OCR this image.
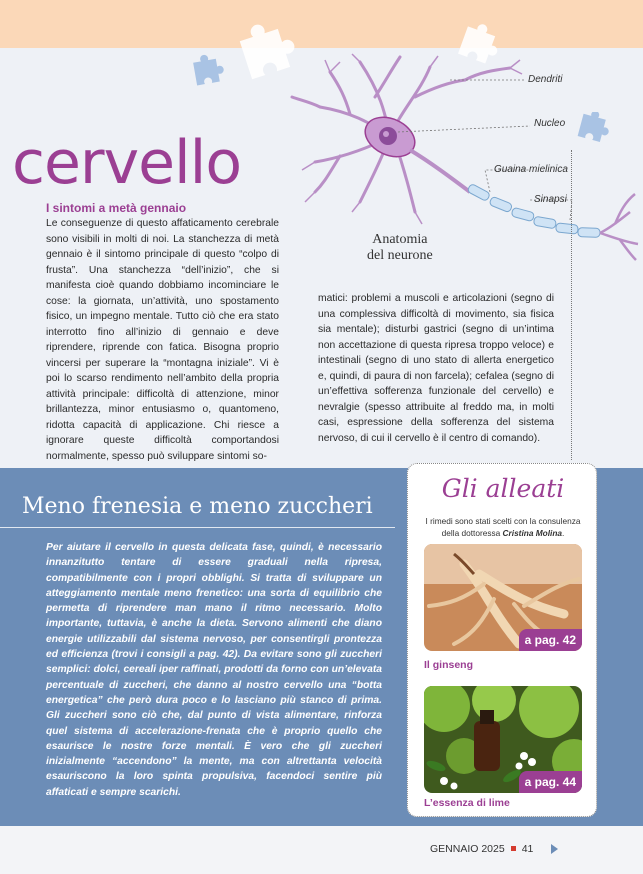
cervello
Dendriti
Nucleo
Guaina mielinica
Sinapsi
Anatomia
del neurone
I sintomi a metà gennaio
Le conseguenze di questo affaticamento cerebrale sono visibili in molti di noi. La stanchezza di metà gennaio è il sintomo principale di questo “colpo di frusta”. Una stanchezza “dell’inizio”, che si manifesta cioè quando dobbiamo incominciare le cose: la giornata, un’attività, uno spostamento fisico, un impegno mentale. Tutto ciò che era stato interrotto fino all’inizio di gennaio e deve riprendere, riprende con fatica. Bisogna proprio vincersi per superare la “montagna iniziale”. Vi è poi lo scarso rendimento nell’ambito della propria attività principale: difficoltà di attenzione, minor brillantezza, minor entusiasmo o, quantomeno, ridotta capacità di applicazione. Chi riesce a ignorare queste difficoltà comportandosi normalmente, spesso può sviluppare sintomi so-
matici: problemi a muscoli e articolazioni (segno di una complessiva difficoltà di movimento, sia fisica sia mentale); disturbi gastrici (segno di un’intima non accettazione di questa ripresa troppo veloce) e intestinali (segno di uno stato di allerta energetico e, quindi, di paura di non farcela); cefalea (segno di un’effettiva sofferenza funzionale del cervello) e nevralgie (spesso attribuite al freddo ma, in molti casi, espressione della sofferenza del sistema nervoso, di cui il cervello è il centro di comando).
Meno frenesia e meno zuccheri
Per aiutare il cervello in questa delicata fase, quindi, è necessario innanzitutto tentare di essere graduali nella ripresa, compatibilmente con i propri obblighi. Si tratta di sviluppare un atteggiamento mentale meno frenetico: una sorta di equilibrio che permetta di riprendere man mano il ritmo necessario. Molto importante, tuttavia, è anche la dieta. Servono alimenti che diano energie utilizzabili dal sistema nervoso, per consentirgli prontezza ed efficienza (trovi i consigli a pag. 42). Da evitare sono gli zuccheri semplici: dolci, cereali iper raffinati, prodotti da forno con un’elevata percentuale di zuccheri, che danno al nostro cervello una “botta energetica” che però dura poco e lo lasciano più stanco di prima. Gli zuccheri sono ciò che, dal punto di vista alimentare, rinforza quel sistema di accelerazione-frenata che è proprio quello che esaurisce le nostre forze mentali. È vero che gli zuccheri inizialmente “accendono” la mente, ma con altrettanta velocità esauriscono la loro spinta propulsiva, facendoci sentire più affaticati e sempre scarichi.
Gli alleati
I rimedi sono stati scelti con la consulenza della dottoressa Cristina Molina.
a pag. 42
Il ginseng
a pag. 44
L’essenza di lime
GENNAIO 2025 41
